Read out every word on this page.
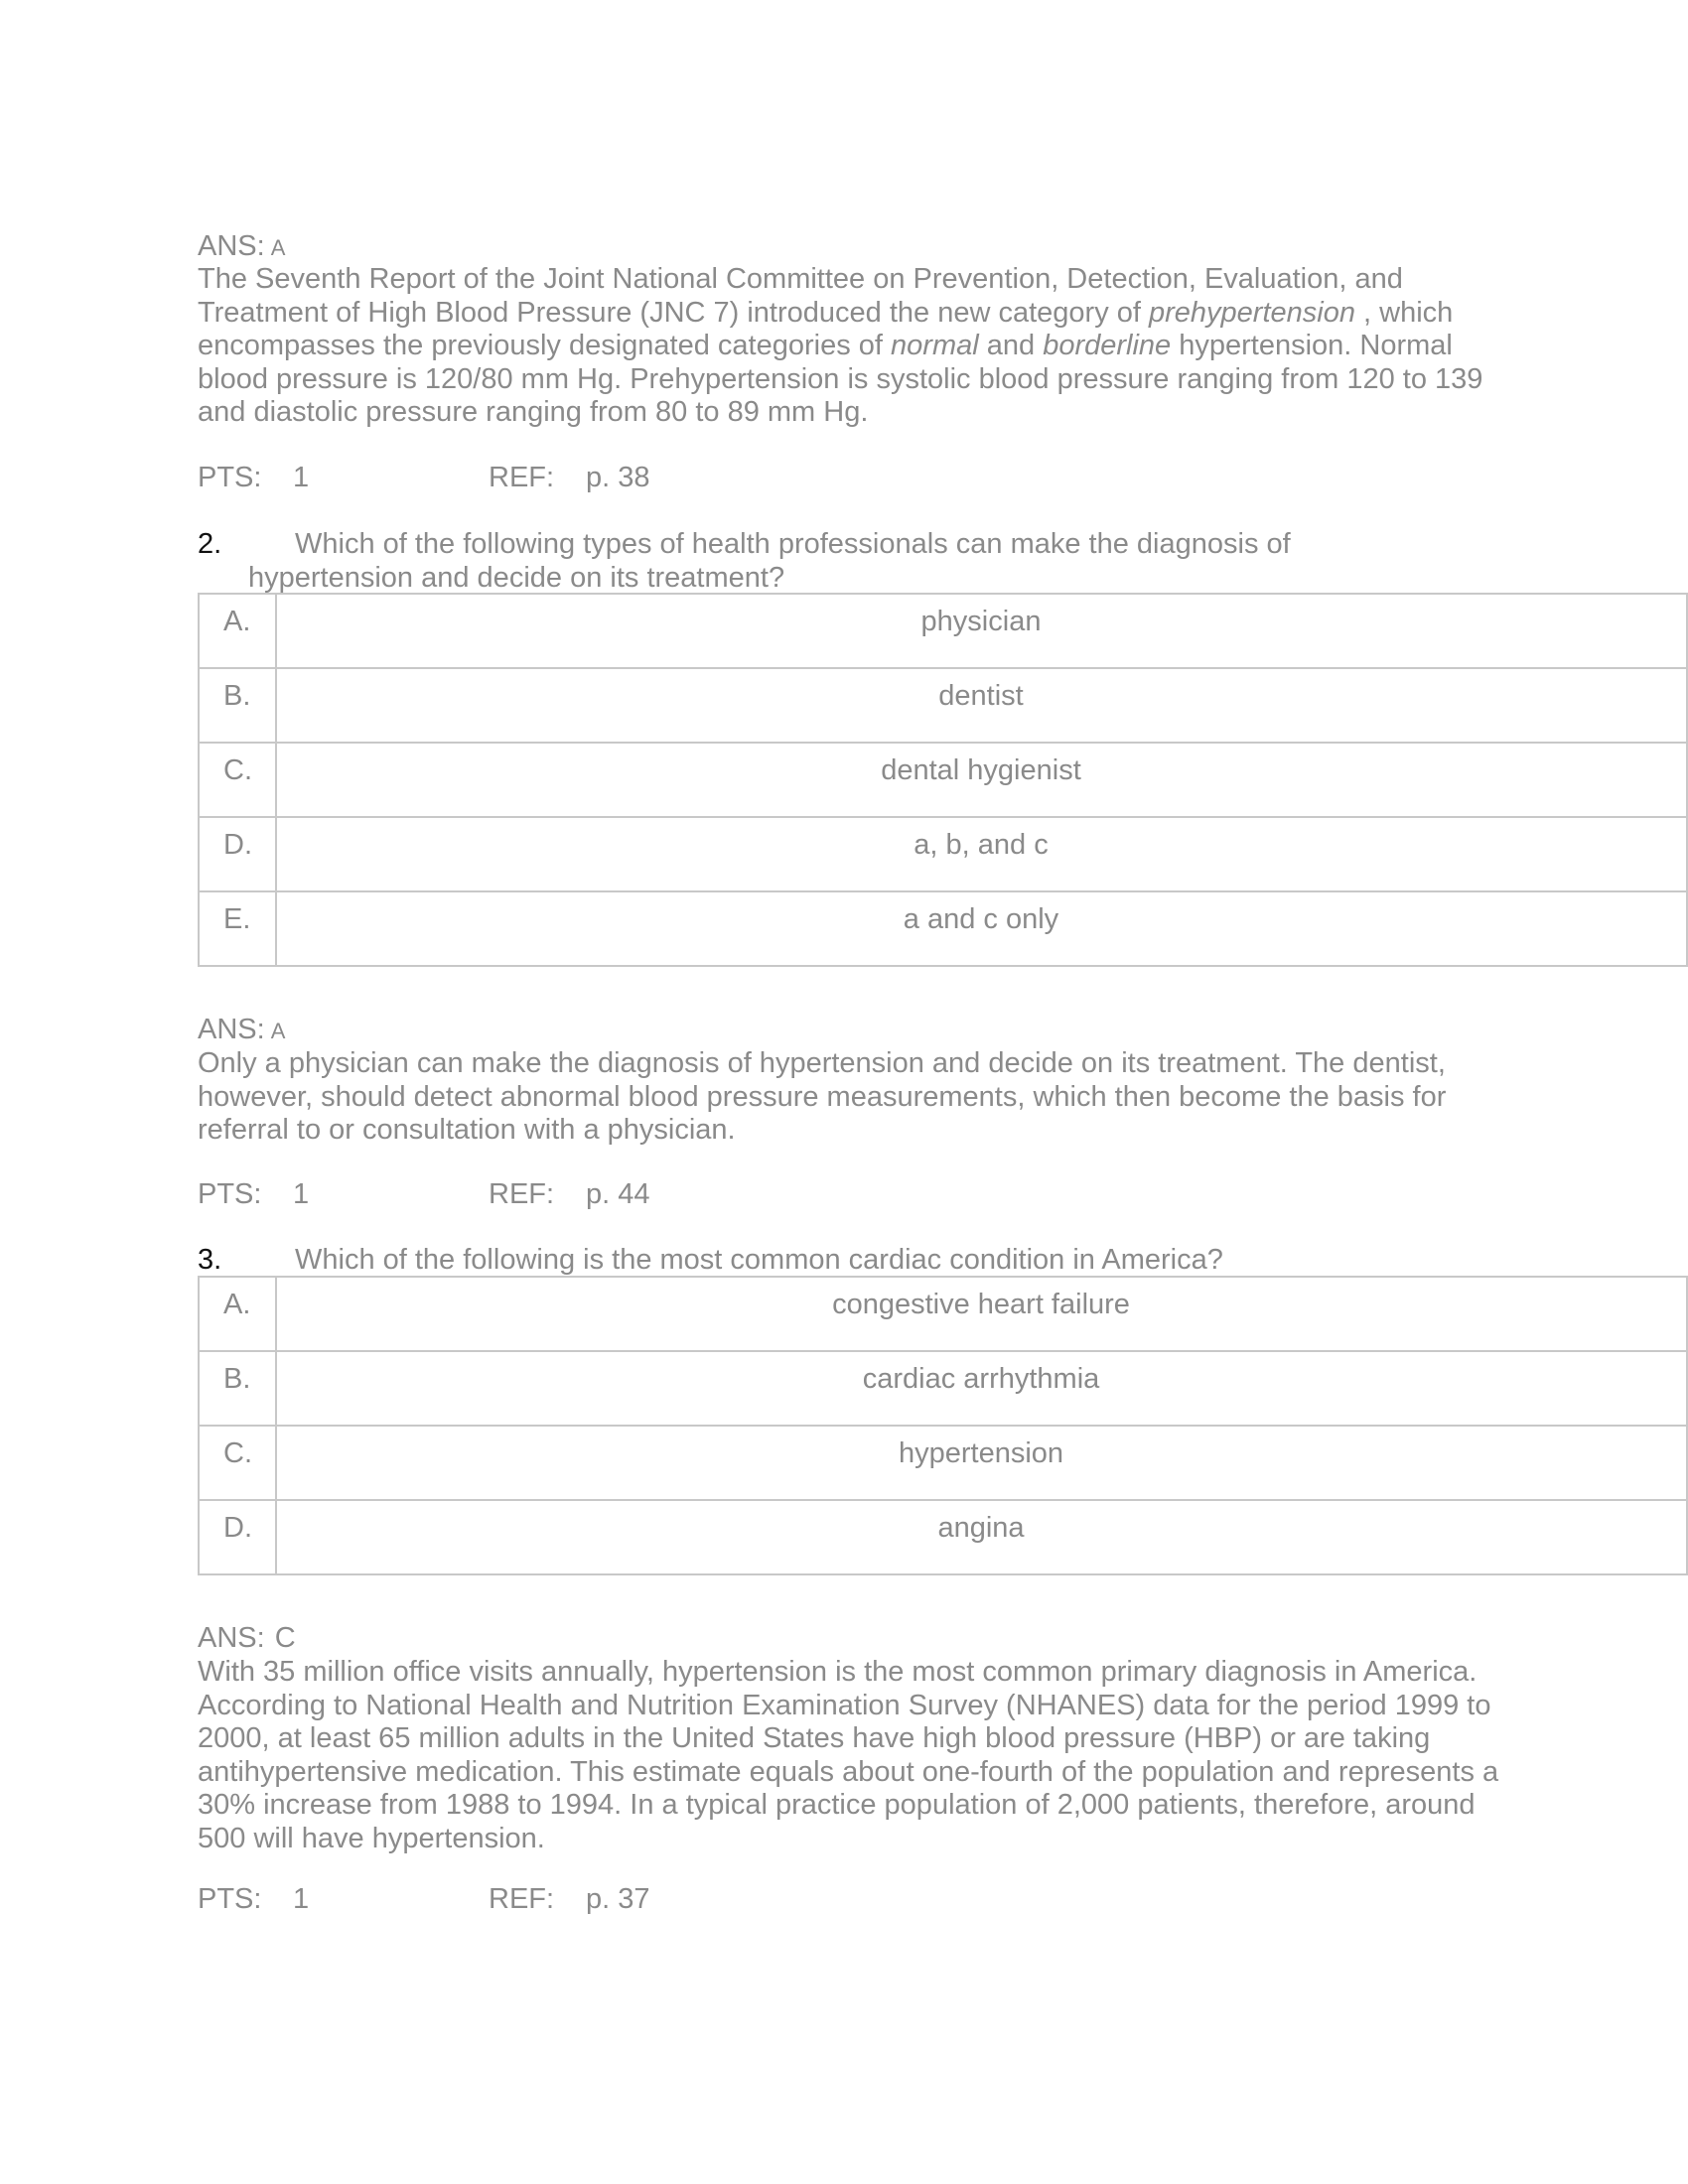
ANS: A
The Seventh Report of the Joint National Committee on Prevention, Detection, Evaluation, and Treatment of High Blood Pressure (JNC 7) introduced the new category of prehypertension , which encompasses the previously designated categories of normal and borderline hypertension. Normal blood pressure is 120/80 mm Hg. Prehypertension is systolic blood pressure ranging from 120 to 139 and diastolic pressure ranging from 80 to 89 mm Hg.
PTS: 1	REF: p. 38
2.	Which of the following types of health professionals can make the diagnosis of
hypertension and decide on its treatment?
A.	physician
B.	dentist
C.	dental hygienist
D.	a, b, and c
E.	a and c only
ANS: A
Only a physician can make the diagnosis of hypertension and decide on its treatment. The dentist, however, should detect abnormal blood pressure measurements, which then become the basis for referral to or consultation with a physician.
PTS: 1	REF: p. 44
3.	Which of the following is the most common cardiac condition in America?
A.	congestive heart failure
B.	cardiac arrhythmia
C.	hypertension
D.	angina
ANS: C
With 35 million office visits annually, hypertension is the most common primary diagnosis in America. According to National Health and Nutrition Examination Survey (NHANES) data for the period 1999 to 2000, at least 65 million adults in the United States have high blood pressure (HBP) or are taking antihypertensive medication. This estimate equals about one-fourth of the population and represents a 30% increase from 1988 to 1994. In a typical practice population of 2,000 patients, therefore, around 500 will have hypertension.
PTS: 1	REF: p. 37
